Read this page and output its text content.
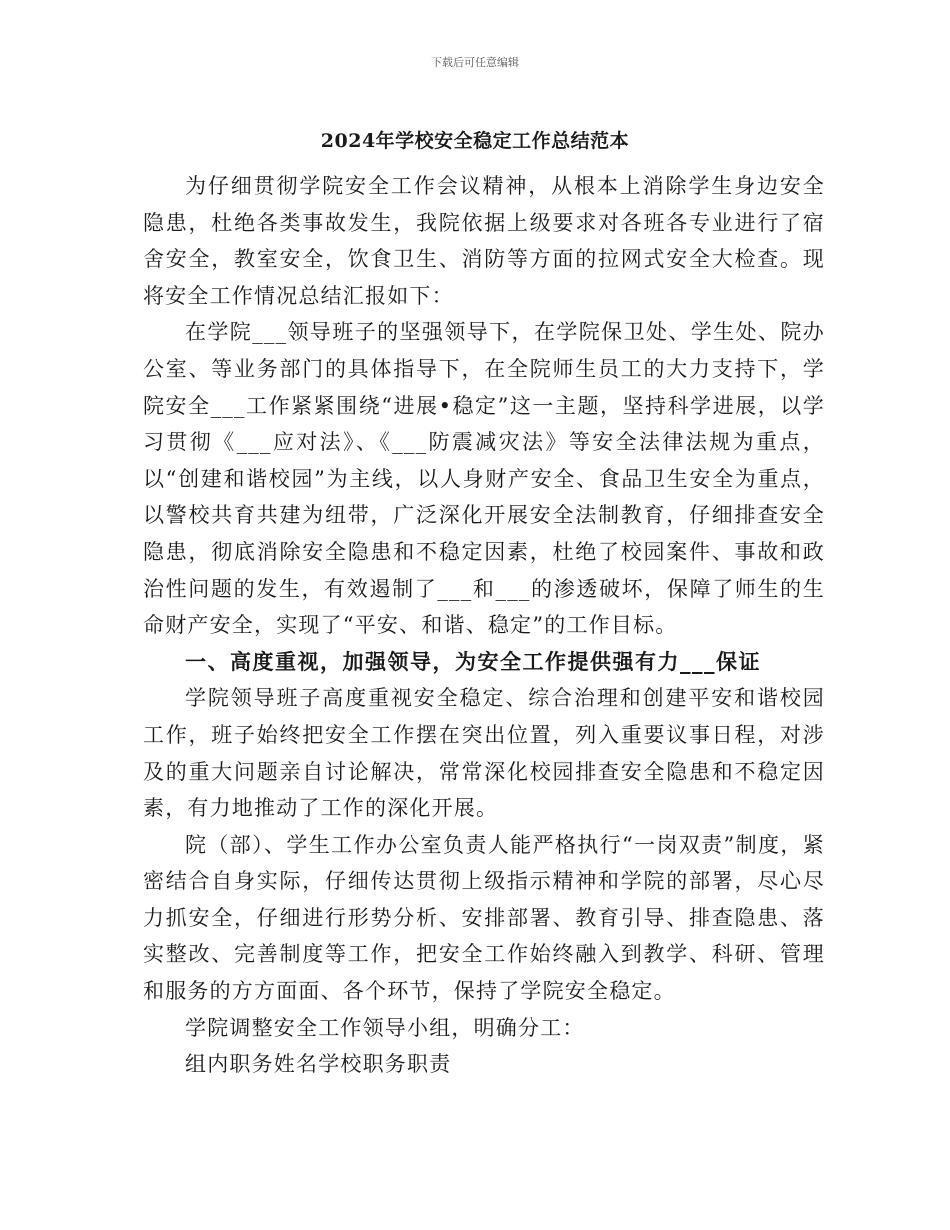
下载后可任意编辑
2024年学校安全稳定工作总结范本

为仔细贯彻学院安全工作会议精神，从根本上消除学生身边安全隐患，杜绝各类事故发生，我院依据上级要求对各班各专业进行了宿舍安全，教室安全，饮食卫生、消防等方面的拉网式安全大检查。现将安全工作情况总结汇报如下：

在学院___领导班子的坚强领导下，在学院保卫处、学生处、院办公室、等业务部门的具体指导下，在全院师生员工的大力支持下，学院安全___工作紧紧围绕“进展•稳定”这一主题，坚持科学进展，以学习贯彻《___应对法》、《___防震减灾法》等安全法律法规为重点，以“创建和谐校园”为主线，以人身财产安全、食品卫生安全为重点，以警校共育共建为纽带，广泛深化开展安全法制教育，仔细排查安全隐患，彻底消除安全隐患和不稳定因素，杜绝了校园案件、事故和政治性问题的发生，有效遏制了___和___的渗透破坏，保障了师生的生命财产安全，实现了“平安、和谐、稳定”的工作目标。

一、高度重视，加强领导，为安全工作提供强有力___保证

学院领导班子高度重视安全稳定、综合治理和创建平安和谐校园工作，班子始终把安全工作摆在突出位置，列入重要议事日程，对涉及的重大问题亲自讨论解决，常常深化校园排查安全隐患和不稳定因素，有力地推动了工作的深化开展。

院（部）、学生工作办公室负责人能严格执行“一岗双责”制度，紧密结合自身实际，仔细传达贯彻上级指示精神和学院的部署，尽心尽力抓安全，仔细进行形势分析、安排部署、教育引导、排查隐患、落实整改、完善制度等工作，把安全工作始终融入到教学、科研、管理和服务的方方面面、各个环节，保持了学院安全稳定。

学院调整安全工作领导小组，明确分工：

组内职务姓名学校职务职责
